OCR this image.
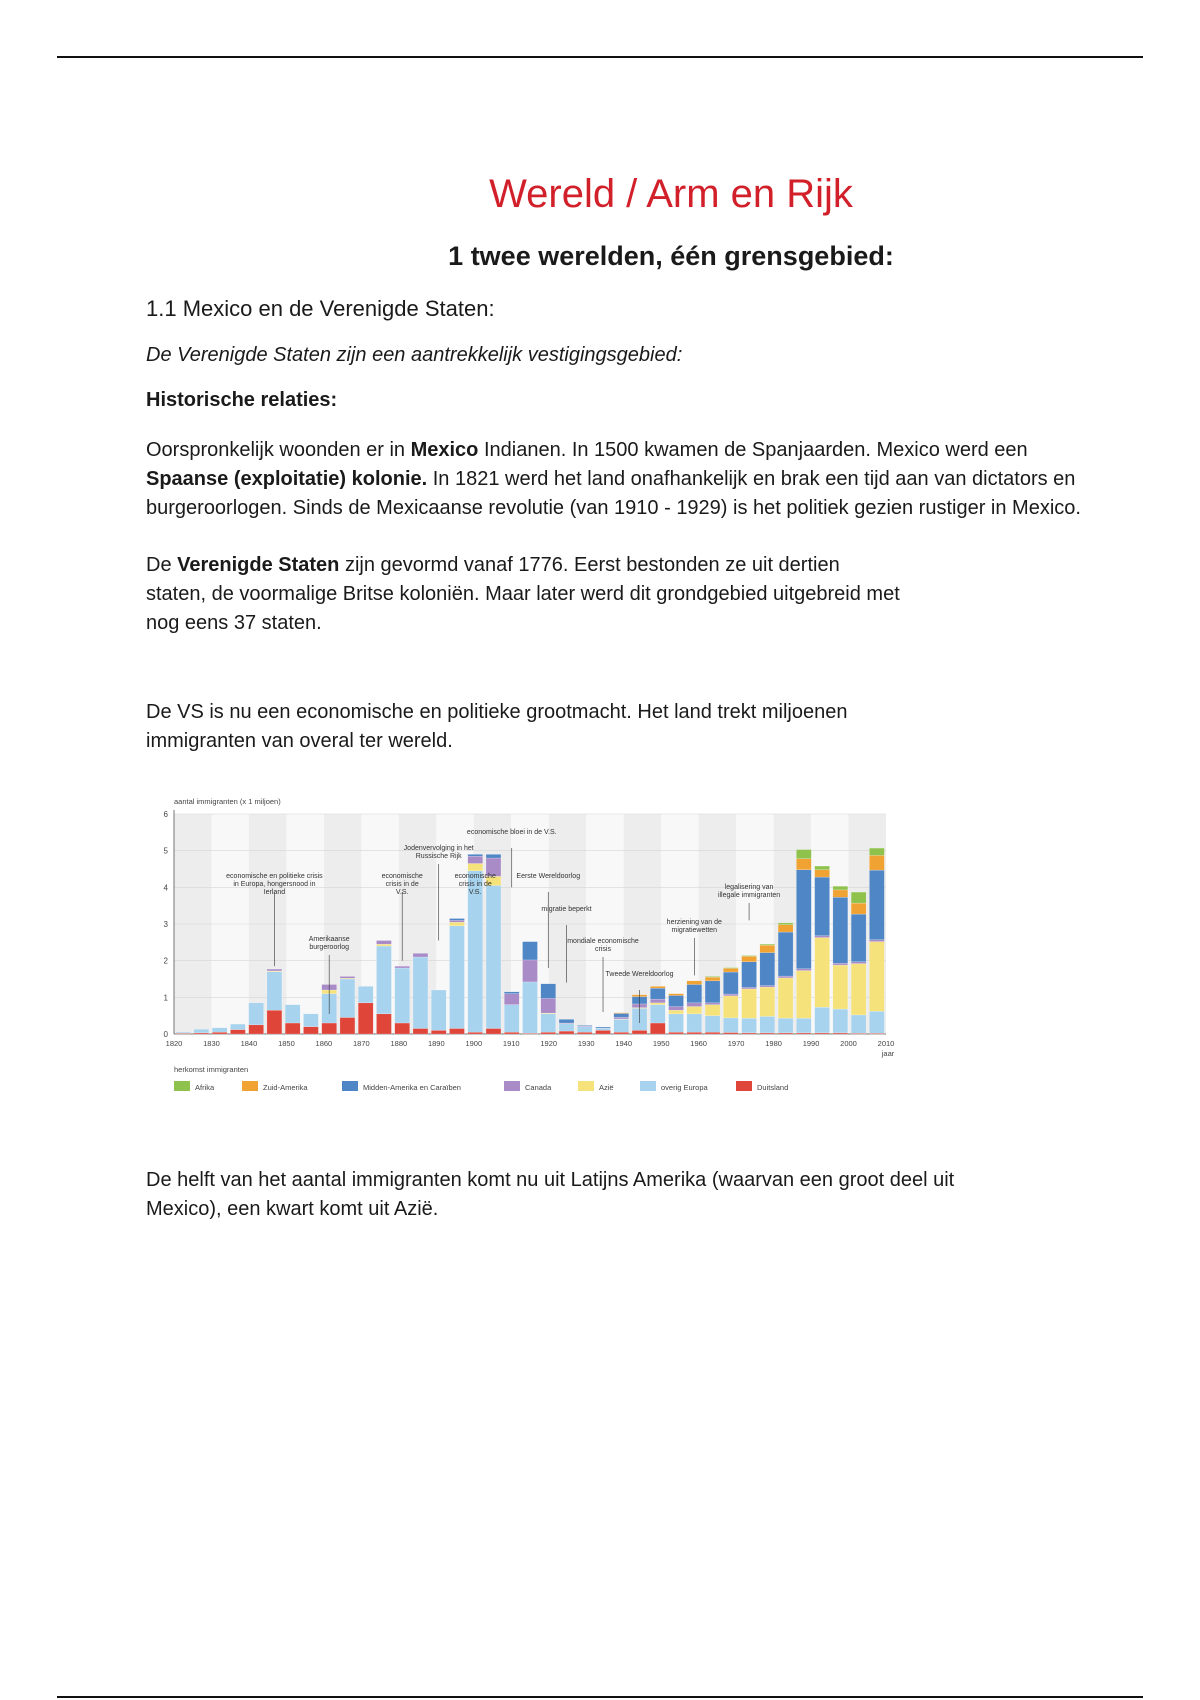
Wereld / Arm en Rijk
1 twee werelden, één grensgebied:
1.1 Mexico en de Verenigde Staten:
De Verenigde Staten zijn een aantrekkelijk vestigingsgebied:
Historische relaties:

Oorspronkelijk woonden er in Mexico Indianen. In 1500 kwamen de Spanjaarden. Mexico werd een Spaanse (exploitatie) kolonie. In 1821 werd het land onafhankelijk en brak een tijd aan van dictators en burgeroorlogen. Sinds de Mexicaanse revolutie (van 1910 - 1929) is het politiek gezien rustiger in Mexico.

De Verenigde Staten zijn gevormd vanaf 1776. Eerst bestonden ze uit dertien
staten, de voormalige Britse koloniën. Maar later werd dit grondgebied uitgebreid met
nog eens 37 staten.

De VS is nu een economische en politieke grootmacht. Het land trekt miljoenen
immigranten van overal ter wereld.

0
1
2
3
4
5
6
aantal immigranten (x 1 miljoen)
1820	1830	1840	1850	1860	1870	1880	1890	1900	1910	1920	1930	1940	1950	1960	1970	1980	1990	2000	2010
jaar
economische en politieke crisis in Europa, hongersnood in Ierland
Amerikaanse burgeroorlog
economische crisis in de V.S.
Jodenvervolging in het Russische Rijk
economische crisis in de V.S.
economische bloei in de V.S.
Eerste Wereldoorlog
migratie beperkt
mondiale economische crisis
Tweede Wereldoorlog
herziening van de migratiewetten
legalisering van illegale immigranten
herkomst immigranten
Afrika	Zuid-Amerika	Midden-Amerika en Caraïben	Canada	Azië	overig Europa	Duitsland

De helft van het aantal immigranten komt nu uit Latijns Amerika (waarvan een groot deel uit
Mexico), een kwart komt uit Azië.
